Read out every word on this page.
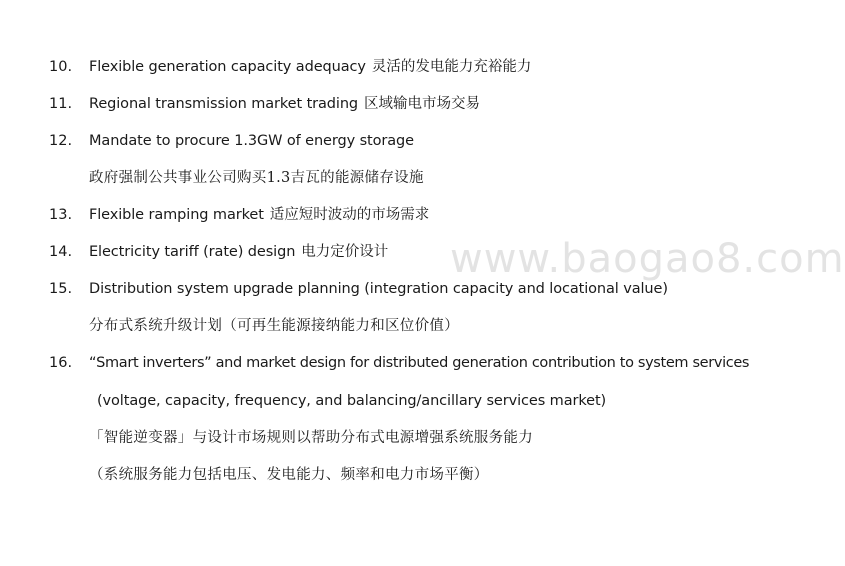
www.baogao8.com
10. Flexible generation capacity adequacy 灵活的发电能力充裕能力
11. Regional transmission market trading 区域输电市场交易
12. Mandate to procure 1.3GW of energy storage
政府强制公共事业公司购买1.3吉瓦的能源储存设施
13. Flexible ramping market 适应短时波动的市场需求
14. Electricity tariff (rate) design 电力定价设计
15. Distribution system upgrade planning (integration capacity and locational value)
分布式系统升级计划（可再生能源接纳能力和区位价值）
16. “Smart inverters” and market design for distributed generation contribution to system services
(voltage, capacity, frequency, and balancing/ancillary services market)
「智能逆变器」与设计市场规则以帮助分布式电源增强系统服务能力
（系统服务能力包括电压、发电能力、频率和电力市场平衡）
